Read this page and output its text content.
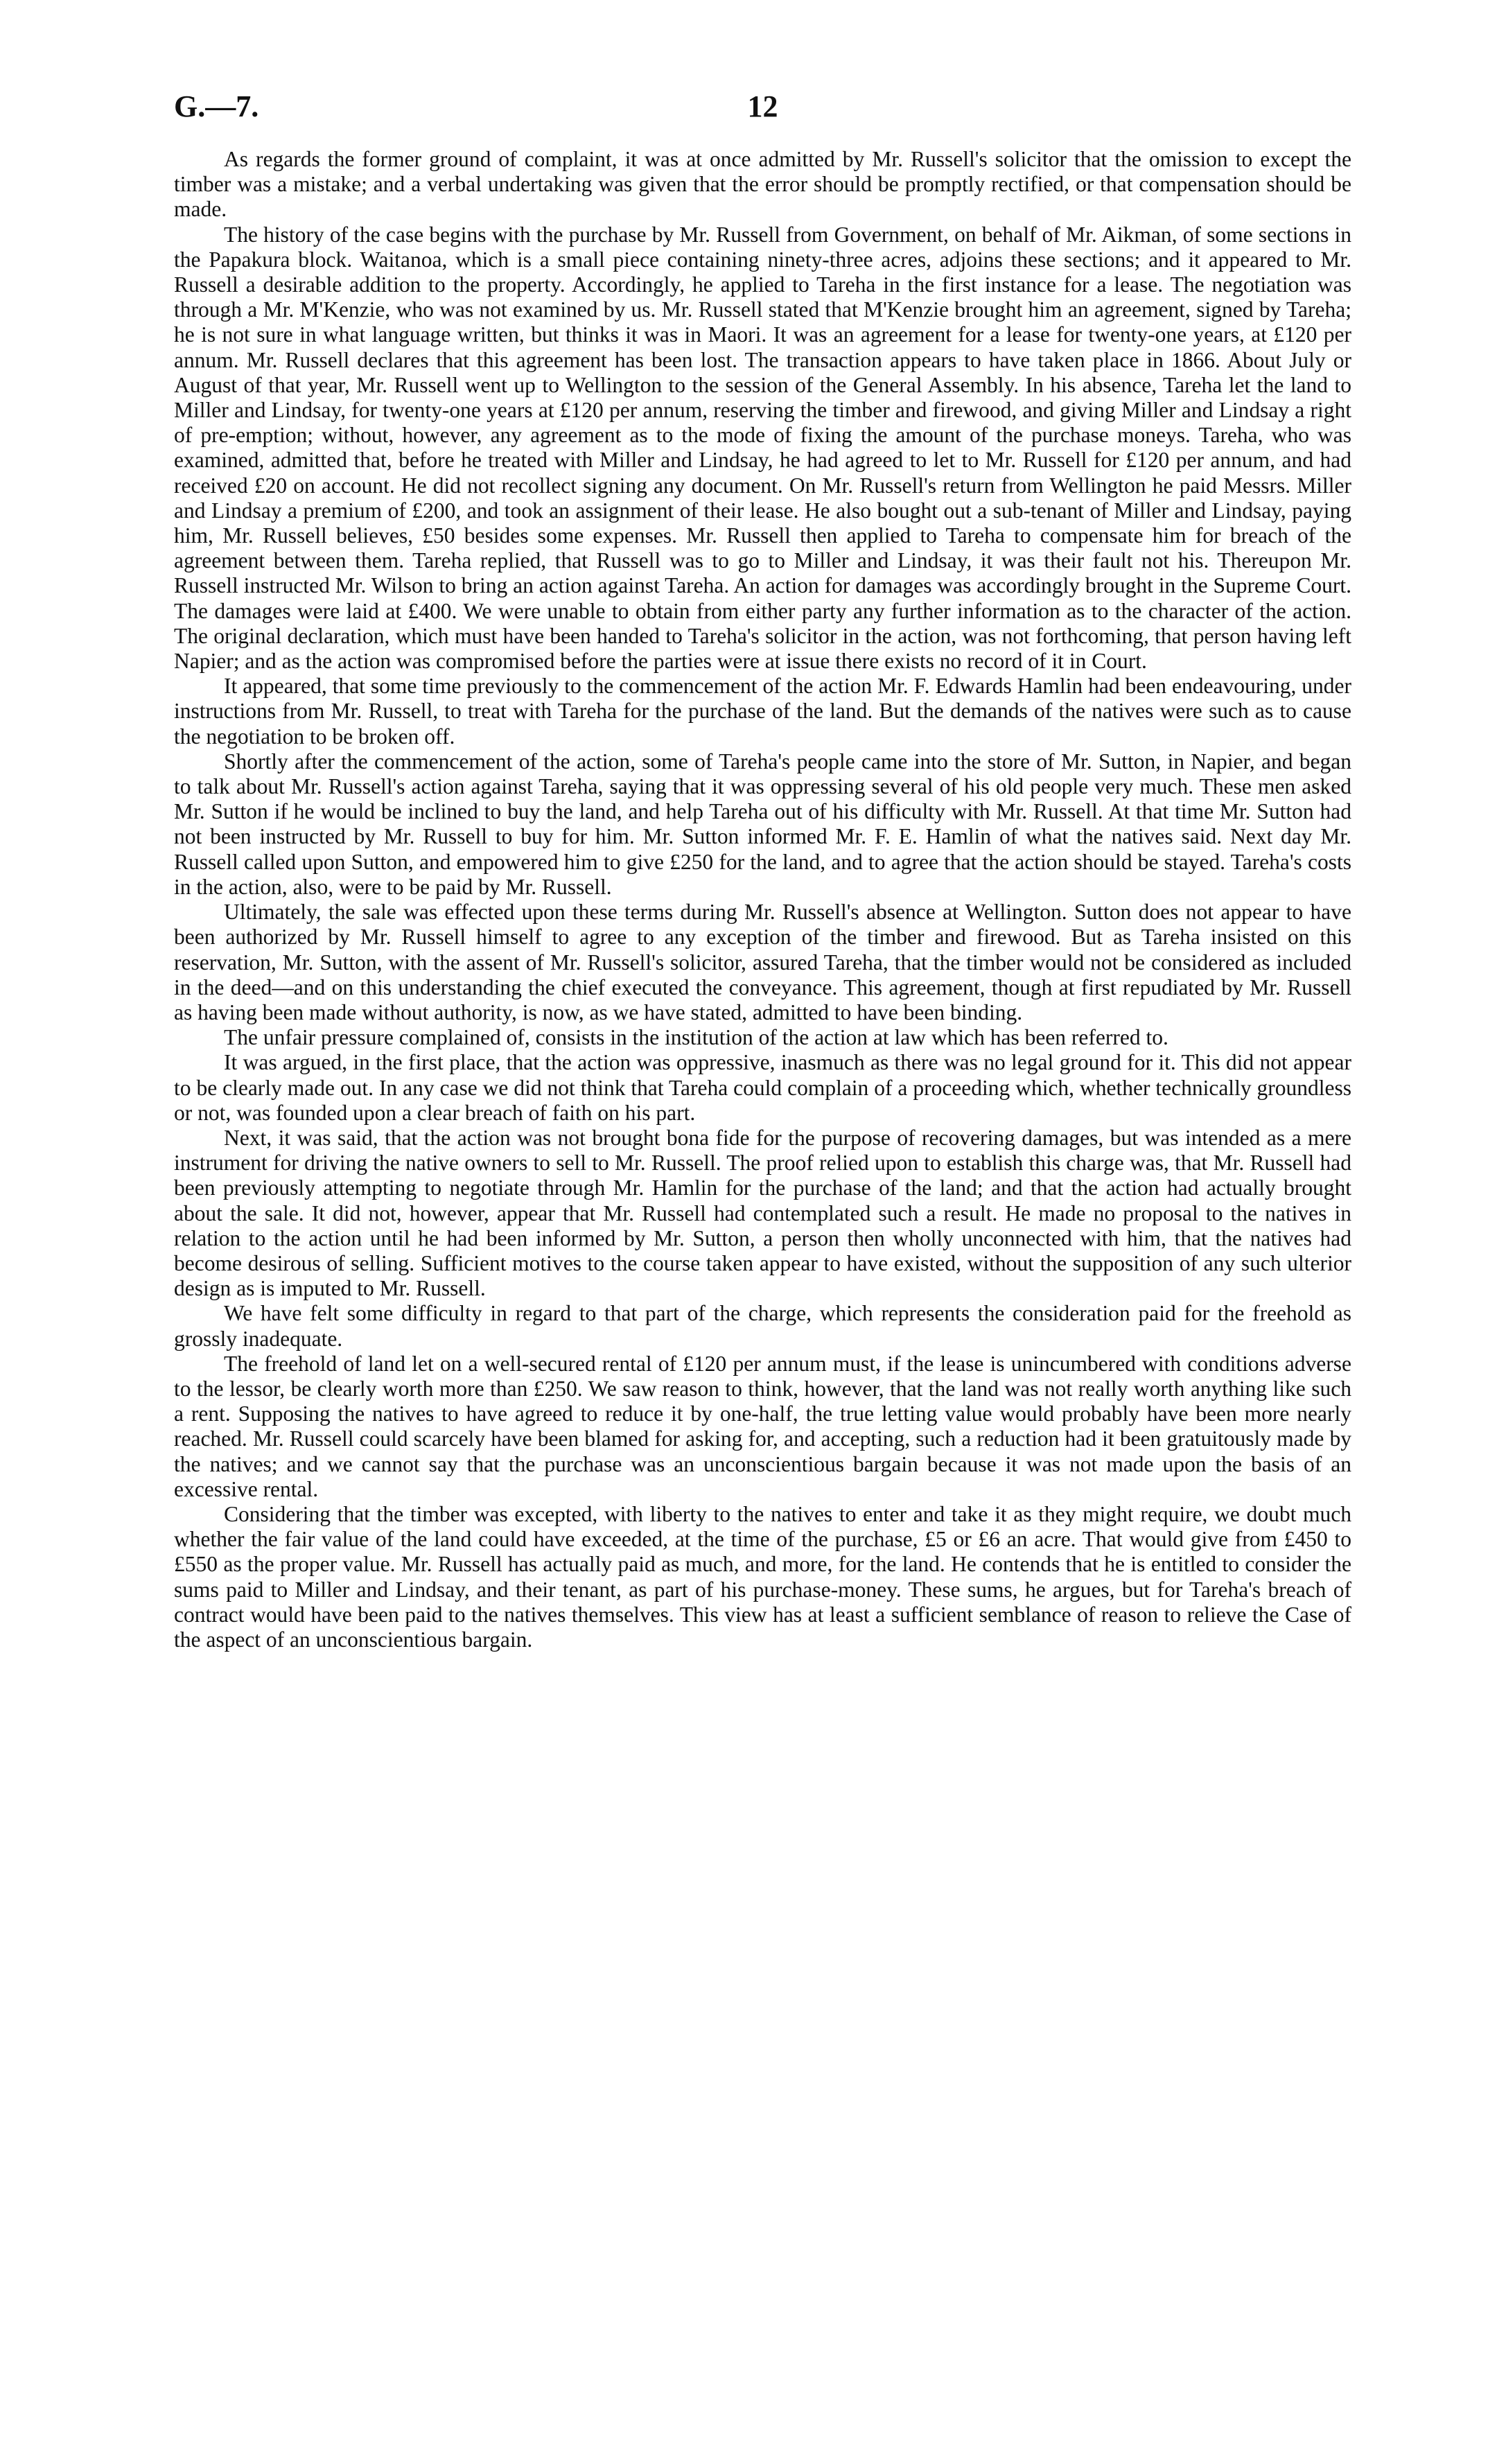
G.—7.	12

As regards the former ground of complaint, it was at once admitted by Mr. Russell's solicitor that the omission to except the timber was a mistake; and a verbal undertaking was given that the error should be promptly rectified, or that compensation should be made.

The history of the case begins with the purchase by Mr. Russell from Government, on behalf of Mr. Aikman, of some sections in the Papakura block. Waitanoa, which is a small piece containing ninety-three acres, adjoins these sections; and it appeared to Mr. Russell a desirable addition to the property. Accordingly, he applied to Tareha in the first instance for a lease. The negotiation was through a Mr. M'Kenzie, who was not examined by us. Mr. Russell stated that M'Kenzie brought him an agreement, signed by Tareha; he is not sure in what language written, but thinks it was in Maori. It was an agreement for a lease for twenty-one years, at £120 per annum. Mr. Russell declares that this agreement has been lost. The transaction appears to have taken place in 1866. About July or August of that year, Mr. Russell went up to Wellington to the session of the General Assembly. In his absence, Tareha let the land to Miller and Lindsay, for twenty-one years at £120 per annum, reserving the timber and firewood, and giving Miller and Lindsay a right of pre-emption; without, however, any agreement as to the mode of fixing the amount of the purchase moneys. Tareha, who was examined, admitted that, before he treated with Miller and Lindsay, he had agreed to let to Mr. Russell for £120 per annum, and had received £20 on account. He did not recollect signing any document. On Mr. Russell's return from Wellington he paid Messrs. Miller and Lindsay a premium of £200, and took an assignment of their lease. He also bought out a sub-tenant of Miller and Lindsay, paying him, Mr. Russell believes, £50 besides some expenses. Mr. Russell then applied to Tareha to compensate him for breach of the agreement between them. Tareha replied, that Russell was to go to Miller and Lindsay, it was their fault not his. Thereupon Mr. Russell instructed Mr. Wilson to bring an action against Tareha. An action for damages was accordingly brought in the Supreme Court. The damages were laid at £400. We were unable to obtain from either party any further information as to the character of the action. The original declaration, which must have been handed to Tareha's solicitor in the action, was not forthcoming, that person having left Napier; and as the action was compromised before the parties were at issue there exists no record of it in Court.

It appeared, that some time previously to the commencement of the action Mr. F. Edwards Hamlin had been endeavouring, under instructions from Mr. Russell, to treat with Tareha for the purchase of the land. But the demands of the natives were such as to cause the negotiation to be broken off.

Shortly after the commencement of the action, some of Tareha's people came into the store of Mr. Sutton, in Napier, and began to talk about Mr. Russell's action against Tareha, saying that it was oppressing several of his old people very much. These men asked Mr. Sutton if he would be inclined to buy the land, and help Tareha out of his difficulty with Mr. Russell. At that time Mr. Sutton had not been instructed by Mr. Russell to buy for him. Mr. Sutton informed Mr. F. E. Hamlin of what the natives said. Next day Mr. Russell called upon Sutton, and empowered him to give £250 for the land, and to agree that the action should be stayed. Tareha's costs in the action, also, were to be paid by Mr. Russell.

Ultimately, the sale was effected upon these terms during Mr. Russell's absence at Wellington. Sutton does not appear to have been authorized by Mr. Russell himself to agree to any exception of the timber and firewood. But as Tareha insisted on this reservation, Mr. Sutton, with the assent of Mr. Russell's solicitor, assured Tareha, that the timber would not be considered as included in the deed—and on this understanding the chief executed the conveyance. This agreement, though at first repudiated by Mr. Russell as having been made without authority, is now, as we have stated, admitted to have been binding.

The unfair pressure complained of, consists in the institution of the action at law which has been referred to.

It was argued, in the first place, that the action was oppressive, inasmuch as there was no legal ground for it. This did not appear to be clearly made out. In any case we did not think that Tareha could complain of a proceeding which, whether technically groundless or not, was founded upon a clear breach of faith on his part.

Next, it was said, that the action was not brought bona fide for the purpose of recovering damages, but was intended as a mere instrument for driving the native owners to sell to Mr. Russell. The proof relied upon to establish this charge was, that Mr. Russell had been previously attempting to negotiate through Mr. Hamlin for the purchase of the land; and that the action had actually brought about the sale. It did not, however, appear that Mr. Russell had contemplated such a result. He made no proposal to the natives in relation to the action until he had been informed by Mr. Sutton, a person then wholly unconnected with him, that the natives had become desirous of selling. Sufficient motives to the course taken appear to have existed, without the supposition of any such ulterior design as is imputed to Mr. Russell.

We have felt some difficulty in regard to that part of the charge, which represents the consideration paid for the freehold as grossly inadequate.

The freehold of land let on a well-secured rental of £120 per annum must, if the lease is unincumbered with conditions adverse to the lessor, be clearly worth more than £250. We saw reason to think, however, that the land was not really worth anything like such a rent. Supposing the natives to have agreed to reduce it by one-half, the true letting value would probably have been more nearly reached. Mr. Russell could scarcely have been blamed for asking for, and accepting, such a reduction had it been gratuitously made by the natives; and we cannot say that the purchase was an unconscientious bargain because it was not made upon the basis of an excessive rental.

Considering that the timber was excepted, with liberty to the natives to enter and take it as they might require, we doubt much whether the fair value of the land could have exceeded, at the time of the purchase, £5 or £6 an acre. That would give from £450 to £550 as the proper value. Mr. Russell has actually paid as much, and more, for the land. He contends that he is entitled to consider the sums paid to Miller and Lindsay, and their tenant, as part of his purchase-money. These sums, he argues, but for Tareha's breach of contract would have been paid to the natives themselves. This view has at least a sufficient semblance of reason to relieve the Case of the aspect of an unconscientious bargain.
